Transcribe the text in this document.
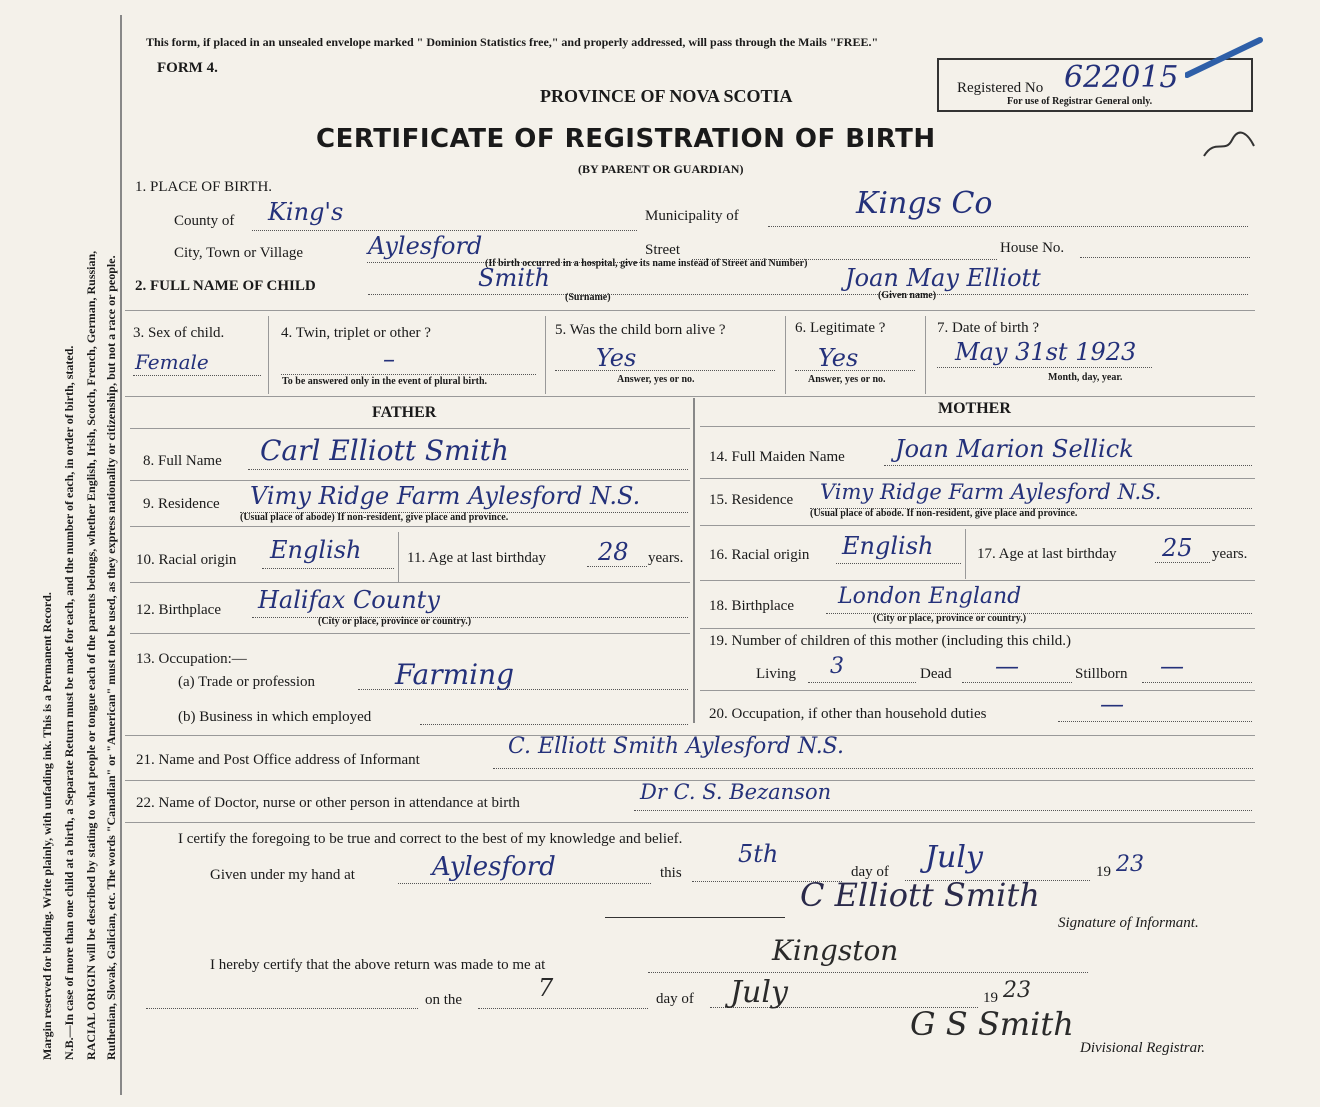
Margin reserved for binding. Write plainly, with unfading ink. This is a Permanent Record. N.B.—In case of more than one child at a birth, a Separate Return must be made for each, and the number of each, in order of birth, stated. RACIAL ORIGIN will be described by stating to what people or tongue each of the parents belongs, whether English, Irish, Scotch, French, German, Russian, Ruthenian, Slovak, Galician, etc. The words "Canadian" or "American" must not be used, as they express nationality or citizenship, but not a race or people.
This form, if placed in an unsealed envelope marked " Dominion Statistics free," and properly addressed, will pass through the Mails "FREE."
FORM 4.
PROVINCE OF NOVA SCOTIA
CERTIFICATE OF REGISTRATION OF BIRTH
(BY PARENT OR GUARDIAN)
Registered No 622015
For use of Registrar General only.
1. PLACE OF BIRTH.
County of King's	Municipality of	Kings Co
City, Town or Village	Aylesford	Street	House No.
(If birth occurred in a hospital, give its name instead of Street and Number)
2. FULL NAME OF CHILD	Smith
(Surname)
Joan May Elliott
(Given name)
3. Sex of child.
Female
4. Twin, triplet or other ?
–
To be answered only in the event of plural birth.
5. Was the child born alive ?
Yes
Answer, yes or no.
6. Legitimate ?
Yes
Answer, yes or no.
7. Date of birth ?
May 31st 1923
Month, day, year.
FATHER	MOTHER
8. Full Name Carl Elliott Smith
9. Residence Vimy Ridge Farm Aylesford N.S.
(Usual place of abode) If non-resident, give place and province.
10. Racial origin English	11. Age at last birthday 28 years.
12. Birthplace Halifax County
(City or place, province or country.)
13. Occupation:—
(a) Trade or profession	Farming
(b) Business in which employed
14. Full Maiden Name Joan Marion Sellick
15. Residence Vimy Ridge Farm Aylesford N.S.
(Usual place of abode. If non-resident, give place and province.
16. Racial origin English	17. Age at last birthday 25 years.
18. Birthplace London England
(City or place, province or country.)
19. Number of children of this mother (including this child.)
Living 3	Dead —	Stillborn —
20. Occupation, if other than household duties	—
21. Name and Post Office address of Informant
C. Elliott Smith Aylesford N.S.
22. Name of Doctor, nurse or other person in attendance at birth	Dr C. S. Bezanson
I certify the foregoing to be true and correct to the best of my knowledge and belief.
Given under my hand at	Aylesford	this
5th
day of July	19 23
C Elliott Smith
Signature of Informant.
I hereby certify that the above return was made to me at	Kingston
on the	7	day of July	19 23
G S Smith
Divisional Registrar.
